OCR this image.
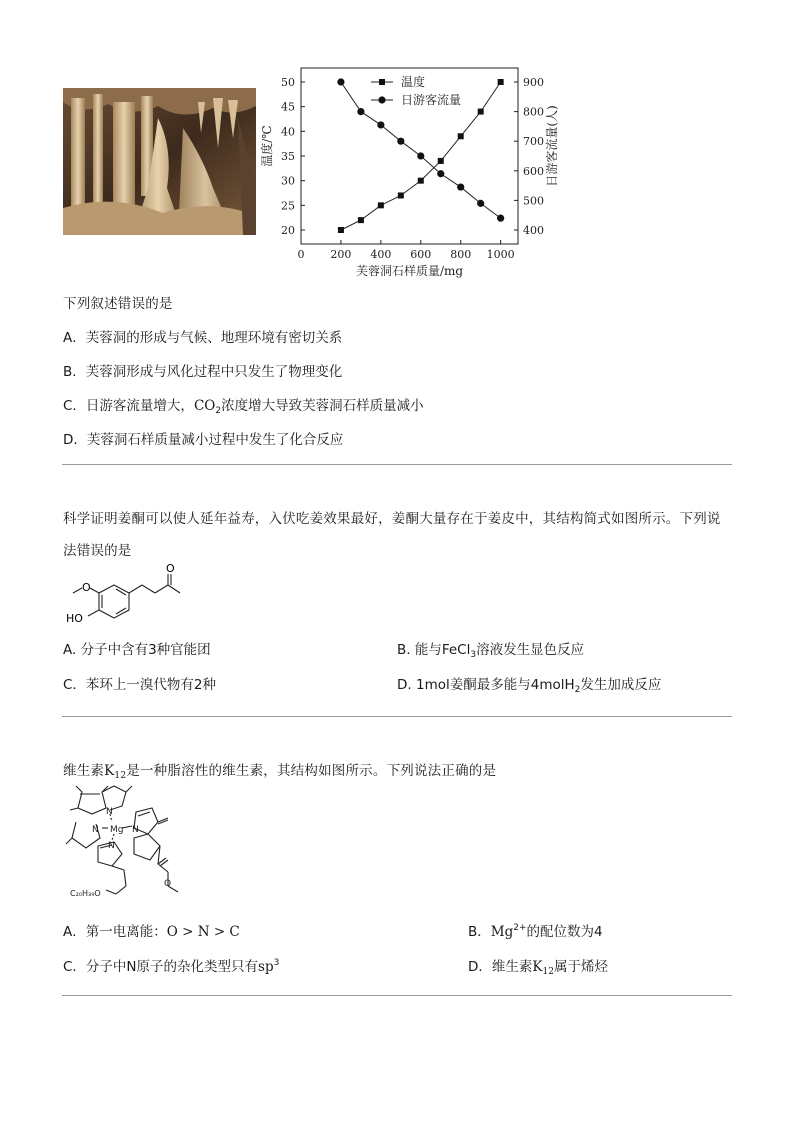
0 200 400 600 800 1000
20
25
30
35
40
45
50
400
500
600
700
800
900
芙蓉洞石样质量/mg
温度/℃	日游客流量(人)
温度
日游客流量
下列叙述错误的是
A．芙蓉洞的形成与气候、地理环境有密切关系
B．芙蓉洞形成与风化过程中只发生了物理变化
C．日游客流量增大，$CO_2$浓度增大导致芙蓉洞石样质量减小
D．芙蓉洞石样质量减小过程中发生了化合反应
科学证明姜酮可以使人延年益寿，入伏吃姜效果最好，姜酮大量存在于姜皮中，其结构简式如图所示。下列说
法错误的是
O
O
HO
A. 分子中含有3种官能团	B. 能与FeCl$_3$溶液发生显色反应
C．苯环上一溴代物有2种	D. 1mol姜酮最多能与4molH$_2$发生加成反应
维生素$K_{12}$是一种脂溶性的维生素，其结构如图所示。下列说法正确的是
N
N Mg N
N
C₂₀H₃₉O
O
A．第一电离能：O > N > C	B．$Mg^{2+}$的配位数为4
C．分子中N原子的杂化类型只有$sp^3$	D．维生素$K_{12}$属于烯烃
